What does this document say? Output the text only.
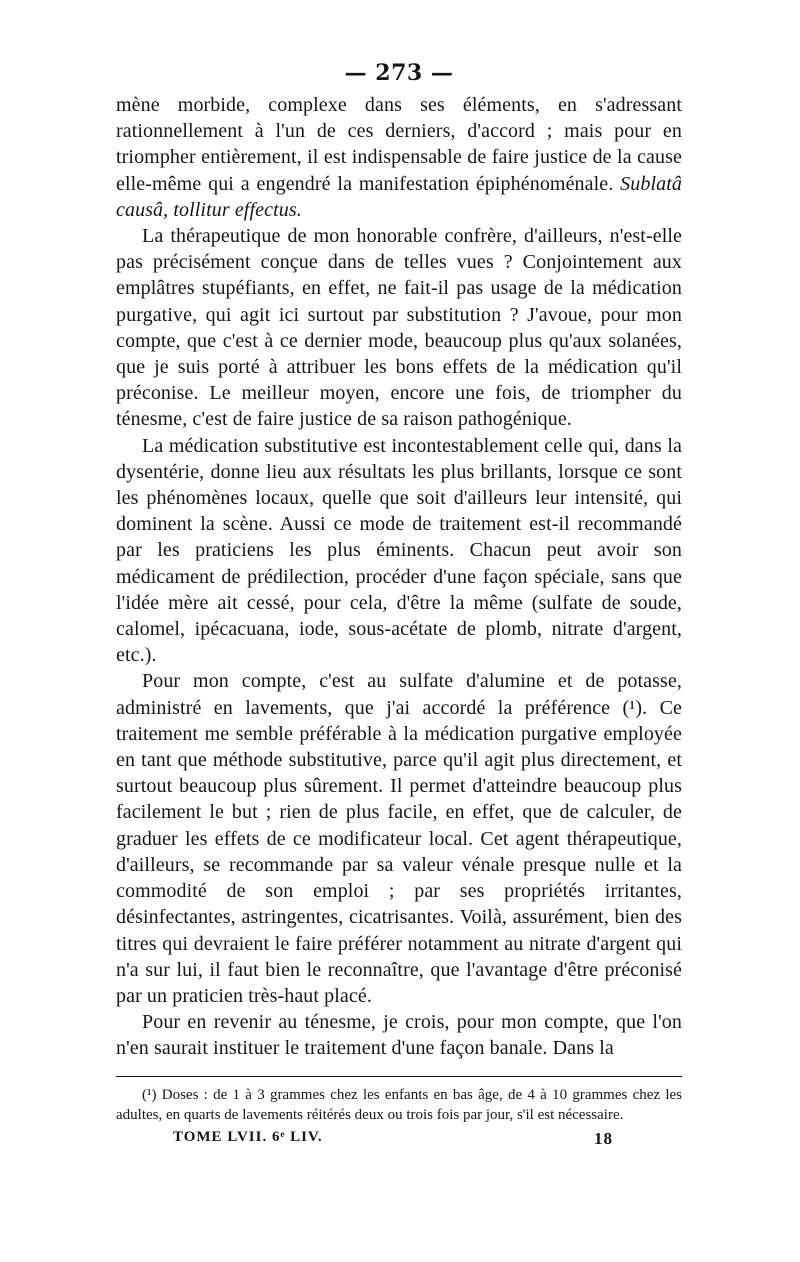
— 273 —

mène morbide, complexe dans ses éléments, en s'adressant rationnellement à l'un de ces derniers, d'accord ; mais pour en triompher entièrement, il est indispensable de faire justice de la cause elle-même qui a engendré la manifestation épiphénoménale. Sublatâ causâ, tollitur effectus.

La thérapeutique de mon honorable confrère, d'ailleurs, n'est-elle pas précisément conçue dans de telles vues ? Conjointement aux emplâtres stupéfiants, en effet, ne fait-il pas usage de la médication purgative, qui agit ici surtout par substitution ? J'avoue, pour mon compte, que c'est à ce dernier mode, beaucoup plus qu'aux solanées, que je suis porté à attribuer les bons effets de la médication qu'il préconise. Le meilleur moyen, encore une fois, de triompher du ténesme, c'est de faire justice de sa raison pathogénique.

La médication substitutive est incontestablement celle qui, dans la dysentérie, donne lieu aux résultats les plus brillants, lorsque ce sont les phénomènes locaux, quelle que soit d'ailleurs leur intensité, qui dominent la scène. Aussi ce mode de traitement est-il recommandé par les praticiens les plus éminents. Chacun peut avoir son médicament de prédilection, procéder d'une façon spéciale, sans que l'idée mère ait cessé, pour cela, d'être la même (sulfate de soude, calomel, ipécacuana, iode, sous-acétate de plomb, nitrate d'argent, etc.).

Pour mon compte, c'est au sulfate d'alumine et de potasse, administré en lavements, que j'ai accordé la préférence (¹). Ce traitement me semble préférable à la médication purgative employée en tant que méthode substitutive, parce qu'il agit plus directement, et surtout beaucoup plus sûrement. Il permet d'atteindre beaucoup plus facilement le but ; rien de plus facile, en effet, que de calculer, de graduer les effets de ce modificateur local. Cet agent thérapeutique, d'ailleurs, se recommande par sa valeur vénale presque nulle et la commodité de son emploi ; par ses propriétés irritantes, désinfectantes, astringentes, cicatrisantes. Voilà, assurément, bien des titres qui devraient le faire préférer notamment au nitrate d'argent qui n'a sur lui, il faut bien le reconnaître, que l'avantage d'être préconisé par un praticien très-haut placé.

Pour en revenir au ténesme, je crois, pour mon compte, que l'on n'en saurait instituer le traitement d'une façon banale. Dans la

(¹) Doses : de 1 à 3 grammes chez les enfants en bas âge, de 4 à 10 grammes chez les adultes, en quarts de lavements réitérés deux ou trois fois par jour, s'il est nécessaire.

TOME LVII. 6ᵉ LIV.	18
